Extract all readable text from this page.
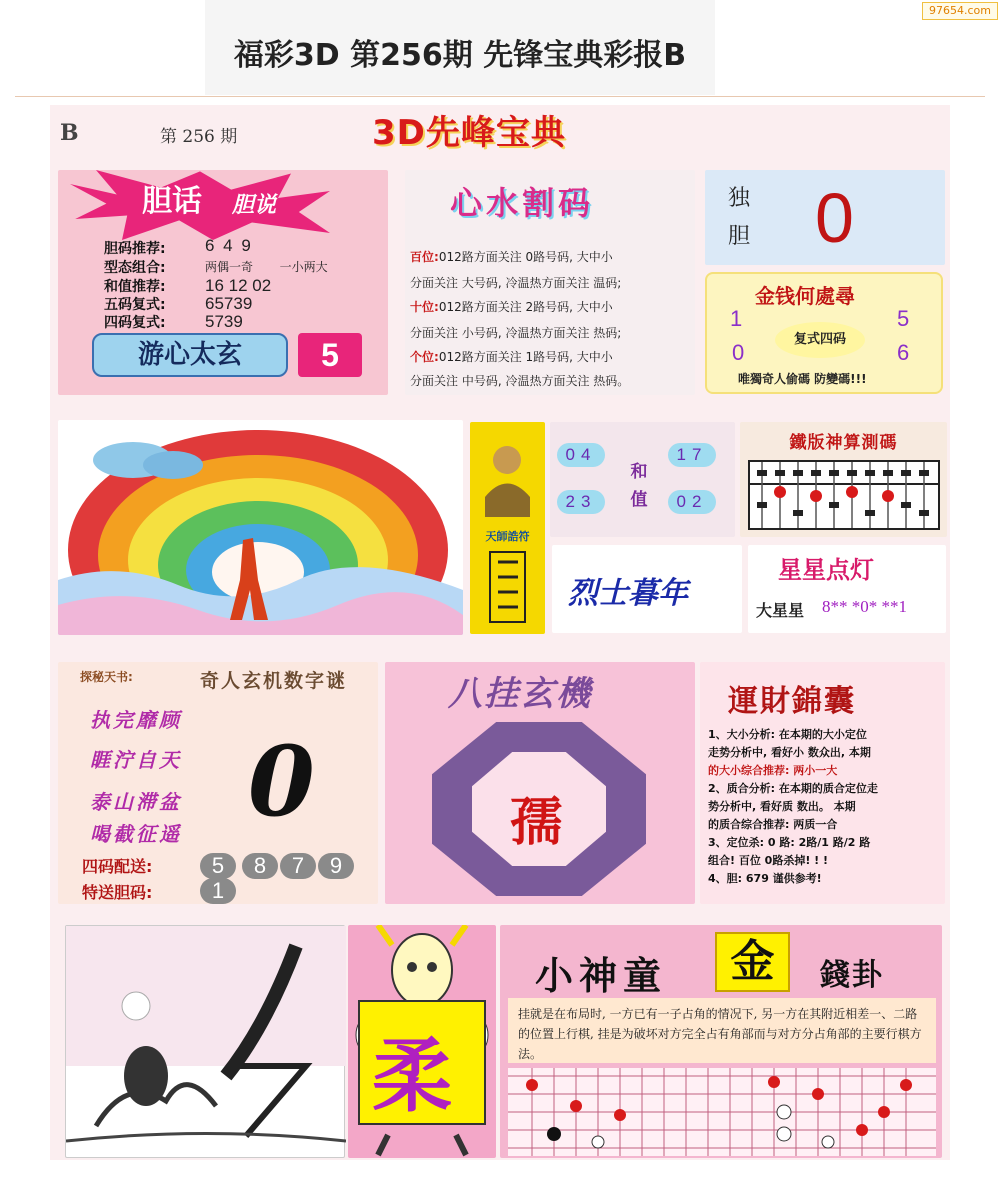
97654.com
福彩3D 第256期 先锋宝典彩报B
B	第 256 期	3D先峰宝典
胆话 胆说
胆码推荐: 6 4 9
型态组合:	两偶一奇        一小两大
和值推荐: 16 12 02
五码复式: 65739
四码复式: 5739
游心太玄	5
心水割码
百位:012路方面关注 0路号码, 大中小
分面关注 大号码, 冷温热方面关注 温码;
十位:012路方面关注 2路号码, 大中小
分面关注 小号码, 冷温热方面关注 热码;
个位:012路方面关注 1路号码, 大中小
分面关注 中号码, 冷温热方面关注 热码。
独胆 0
金钱何處尋
复式四码
1
0
5
6
唯獨奇人偷碼 防變碼!!!
天師誥符
04	17
23	02
和值
鐵版神算測碼
烈士暮年
星星点灯
大星星 8** *0* **1
探秘天书:	奇人玄机数字谜
执完靡顾
睚泞自天
泰山滞盆
喝截征遥 0
四码配送:	5	8	7	9
特送胆码:	1
八挂玄機
孺
運財錦囊
1、大小分析: 在本期的大小定位
走势分析中, 看好小 数众出, 本期
的大小综合推荐: 两小一大
2、质合分析: 在本期的质合定位走
势分析中, 看好质 数出。 本期
的质合综合推荐: 两质一合
3、定位杀: 0 路: 2路/1 路/2 路
组合! 百位 0路杀掉! ! !
4、胆: 679 谨供参考!
柔
小神童	金	錢卦
挂就是在布局时, 一方已有一子占角的情况下, 另一方在其附近相差一、二路的位置上行棋, 挂是为破坏对方完全占有角部而与对方分占角部的主要行棋方法。
